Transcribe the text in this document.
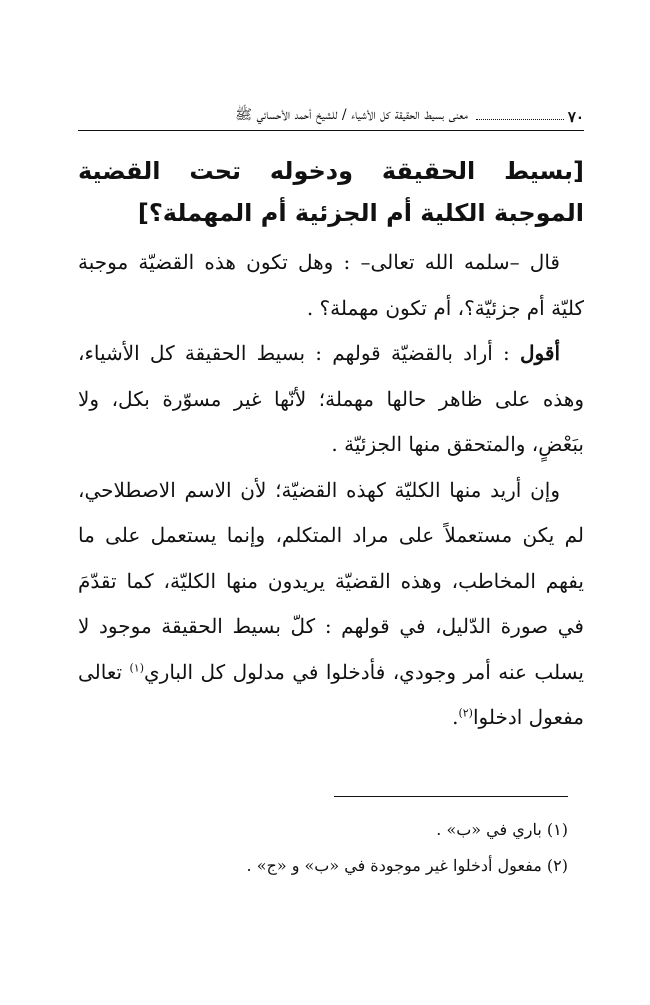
٧٠
معنى بسيط الحقيقة كل الأشياء / للشيخ أحمد الأحسائي ﷺ
[بسيط الحقيقة ودخوله تحت القضية الموجبة الكلية أم الجزئية أم المهملة؟]

قال –سلمه الله تعالى– : وهل تكون هذه القضيّة موجبة كليّة أم جزئيّة؟، أم تكون مهملة؟ .

أقول : أراد بالقضيّة قولهم : بسيط الحقيقة كل الأشياء، وهذه على ظاهر حالها مهملة؛ لأنّها غير مسوّرة بكل، ولا ببَعْضٍ، والمتحقق منها الجزئيّة .

وإن أريد منها الكليّة كهذه القضيّة؛ لأن الاسم الاصطلاحي، لم يكن مستعملاً على مراد المتكلم، وإنما يستعمل على ما يفهم المخاطب، وهذه القضيّة يريدون منها الكليّة، كما تقدّمَ في صورة الدّليل، في قولهم : كلّ بسيط الحقيقة موجود لا يسلب عنه أمر وجودي، فأدخلوا في مدلول كل الباري$^{(١)}$ تعالى مفعول ادخلوا$^{(٢)}$.

(١) باري في «ب» .

(٢) مفعول أدخلوا غير موجودة في «ب» و «ج» .
